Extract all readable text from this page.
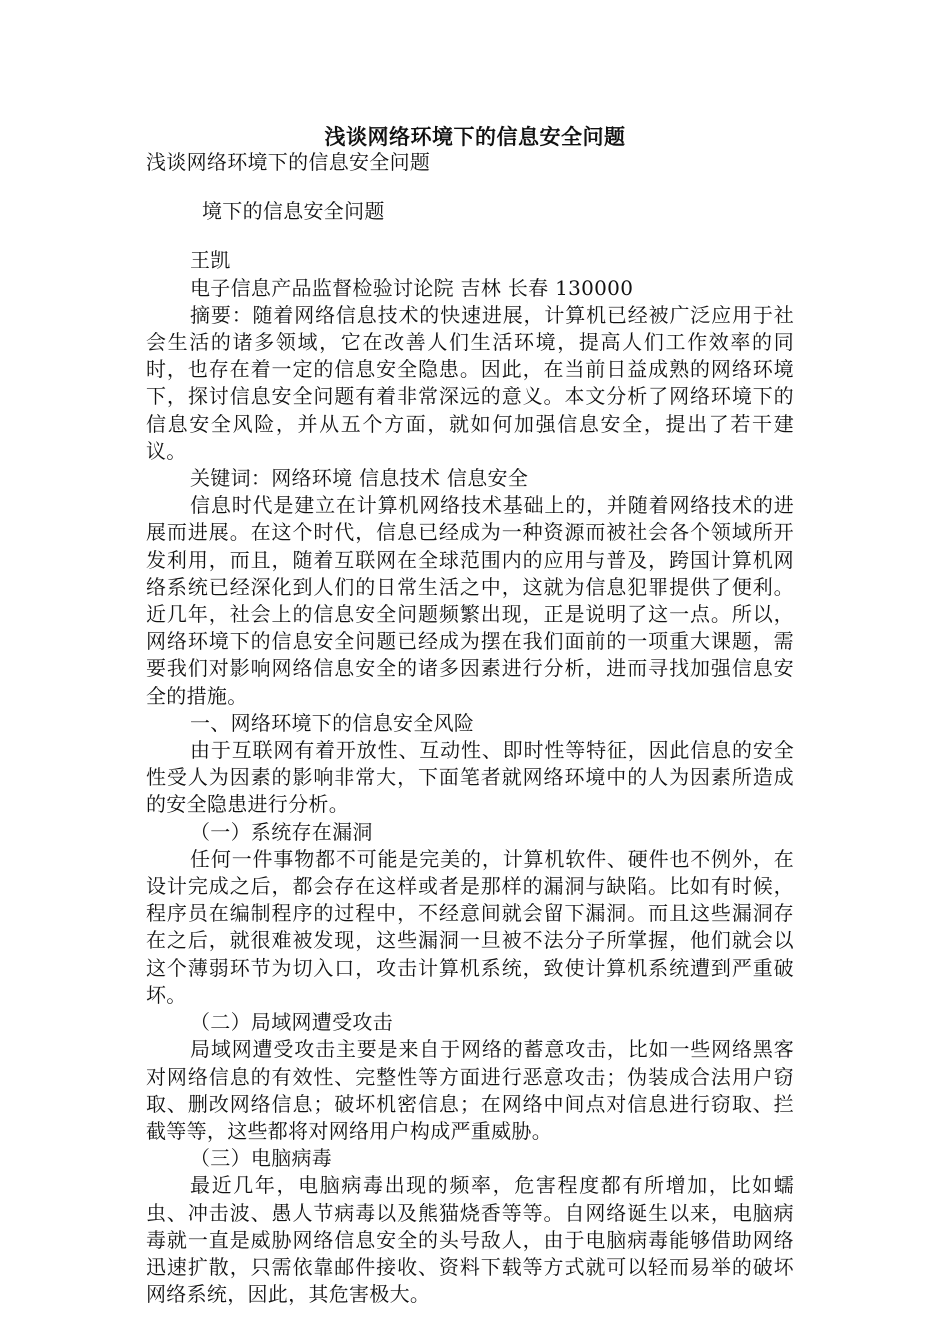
浅谈网络环境下的信息安全问题

浅谈网络环境下的信息安全问题

境下的信息安全问题

王凯

电子信息产品监督检验讨论院 吉林 长春 130000

摘要：随着网络信息技术的快速进展，计算机已经被广泛应用于社会生活的诸多领域，它在改善人们生活环境，提高人们工作效率的同时，也存在着一定的信息安全隐患。因此，在当前日益成熟的网络环境下，探讨信息安全问题有着非常深远的意义。本文分析了网络环境下的信息安全风险，并从五个方面，就如何加强信息安全，提出了若干建议。

关键词：网络环境 信息技术 信息安全

信息时代是建立在计算机网络技术基础上的，并随着网络技术的进展而进展。在这个时代，信息已经成为一种资源而被社会各个领域所开发利用，而且，随着互联网在全球范围内的应用与普及，跨国计算机网络系统已经深化到人们的日常生活之中，这就为信息犯罪提供了便利。近几年，社会上的信息安全问题频繁出现，正是说明了这一点。所以，网络环境下的信息安全问题已经成为摆在我们面前的一项重大课题，需要我们对影响网络信息安全的诸多因素进行分析，进而寻找加强信息安全的措施。

一、网络环境下的信息安全风险

由于互联网有着开放性、互动性、即时性等特征，因此信息的安全性受人为因素的影响非常大，下面笔者就网络环境中的人为因素所造成的安全隐患进行分析。

（一）系统存在漏洞

任何一件事物都不可能是完美的，计算机软件、硬件也不例外，在设计完成之后，都会存在这样或者是那样的漏洞与缺陷。比如有时候，程序员在编制程序的过程中，不经意间就会留下漏洞。而且这些漏洞存在之后，就很难被发现，这些漏洞一旦被不法分子所掌握，他们就会以这个薄弱环节为切入口，攻击计算机系统，致使计算机系统遭到严重破坏。

（二）局域网遭受攻击

局域网遭受攻击主要是来自于网络的蓄意攻击，比如一些网络黑客对网络信息的有效性、完整性等方面进行恶意攻击；伪装成合法用户窃取、删改网络信息；破坏机密信息；在网络中间点对信息进行窃取、拦截等等，这些都将对网络用户构成严重威胁。

（三）电脑病毒

最近几年，电脑病毒出现的频率，危害程度都有所增加，比如蠕虫、冲击波、愚人节病毒以及熊猫烧香等等。自网络诞生以来，电脑病毒就一直是威胁网络信息安全的头号敌人，由于电脑病毒能够借助网络迅速扩散，只需依靠邮件接收、资料下载等方式就可以轻而易举的破坏网络系统，因此，其危害极大。
